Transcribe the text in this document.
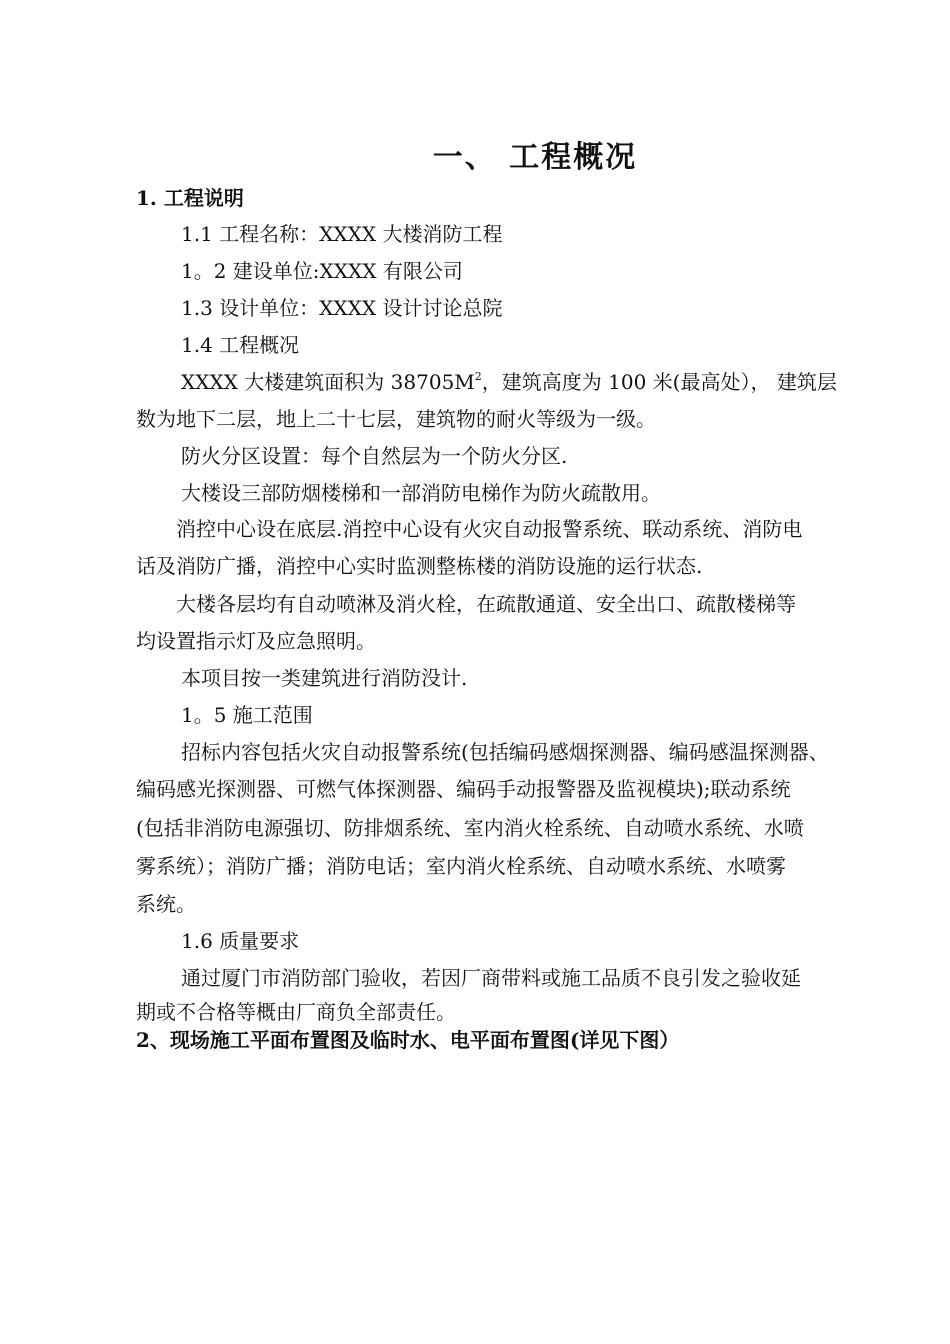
一、 工程概况
1. 工程说明
1.1 工程名称：XXXX 大楼消防工程
1。2 建设单位:XXXX 有限公司
1.3 设计单位：XXXX 设计讨论总院
1.4 工程概况
XXXX 大楼建筑面积为 $38705M^2$，建筑高度为 100 米(最高处）， 建筑层
数为地下二层，地上二十七层，建筑物的耐火等级为一级。
防火分区设置：每个自然层为一个防火分区.
大楼设三部防烟楼梯和一部消防电梯作为防火疏散用。
消控中心设在底层.消控中心设有火灾自动报警系统、联动系统、消防电
话及消防广播，消控中心实时监测整栋楼的消防设施的运行状态.
大楼各层均有自动喷淋及消火栓，在疏散通道、安全出口、疏散楼梯等
均设置指示灯及应急照明。
本项目按一类建筑进行消防没计.
1。5 施工范围
招标内容包括火灾自动报警系统(包括编码感烟探测器、编码感温探测器、
编码感光探测器、可燃气体探测器、编码手动报警器及监视模块);联动系统
(包括非消防电源强切、防排烟系统、室内消火栓系统、自动喷水系统、水喷
雾系统）；消防广播；消防电话；室内消火栓系统、自动喷水系统、水喷雾
系统。
1.6 质量要求
通过厦门市消防部门验收，若因厂商带料或施工品质不良引发之验收延
期或不合格等概由厂商负全部责任。
2、现场施工平面布置图及临时水、电平面布置图(详见下图）
